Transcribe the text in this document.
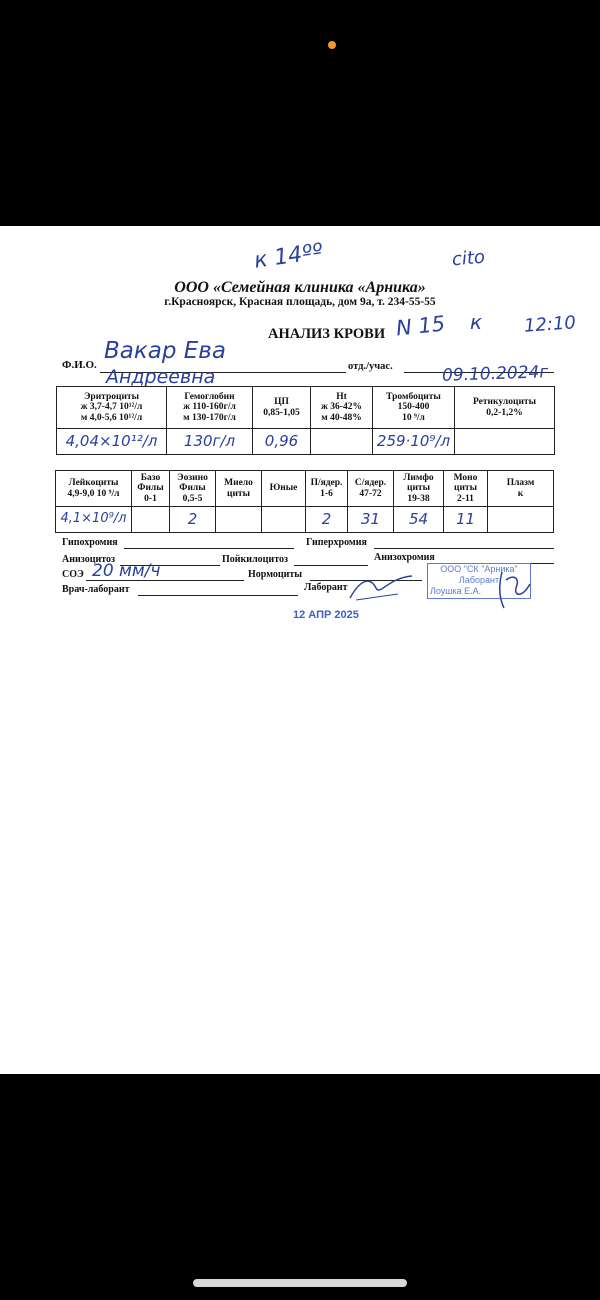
к 14ºº	cito
ООО «Семейная клиника «Арника»
г.Красноярск, Красная площадь, дом 9а, т. 234-55-55
АНАЛИЗ КРОВИ N 15 к 12:10
Ф.И.О.
Вакар Ева
Андреевна	отд./учас.	09.10.2024г
Эритроциты
ж 3,7-4,7 10¹²/л
м 4,0-5,6 10¹²/л	Гемоглобин
ж 110-160г/л
м 130-170г/л	ЦП
0,85-1,05	Ht
ж 36-42%
м 40-48%	Тромбоциты
150-400
10 ⁹/л	Ретикулоциты
0,2-1,2%
4,04×10¹²/л	130г/л	0,96		259·10⁹/л	
Лейкоциты
4,9-9,0 10 ⁹/л	Базо
Филы
0-1	Эозино
Филы
0,5-5	Миело
циты	Юные	П/ядер.
1-6	С/ядер.
47-72	Лимфо
циты
19-38	Моно
циты
2-11	Плазм
к
4,1×10⁹/л		2			2	31	54	11	
Гипохромия	Гиперхромия
Анизоцитоз	Пойкилоцитоз	Анизохромия
СОЭ 20 мм/ч	Нормоциты
Врач-лаборант	Лаборант
ООО "СК "Арника"
Лаборант
Лоушка Е.А.
12 АПР 2025
